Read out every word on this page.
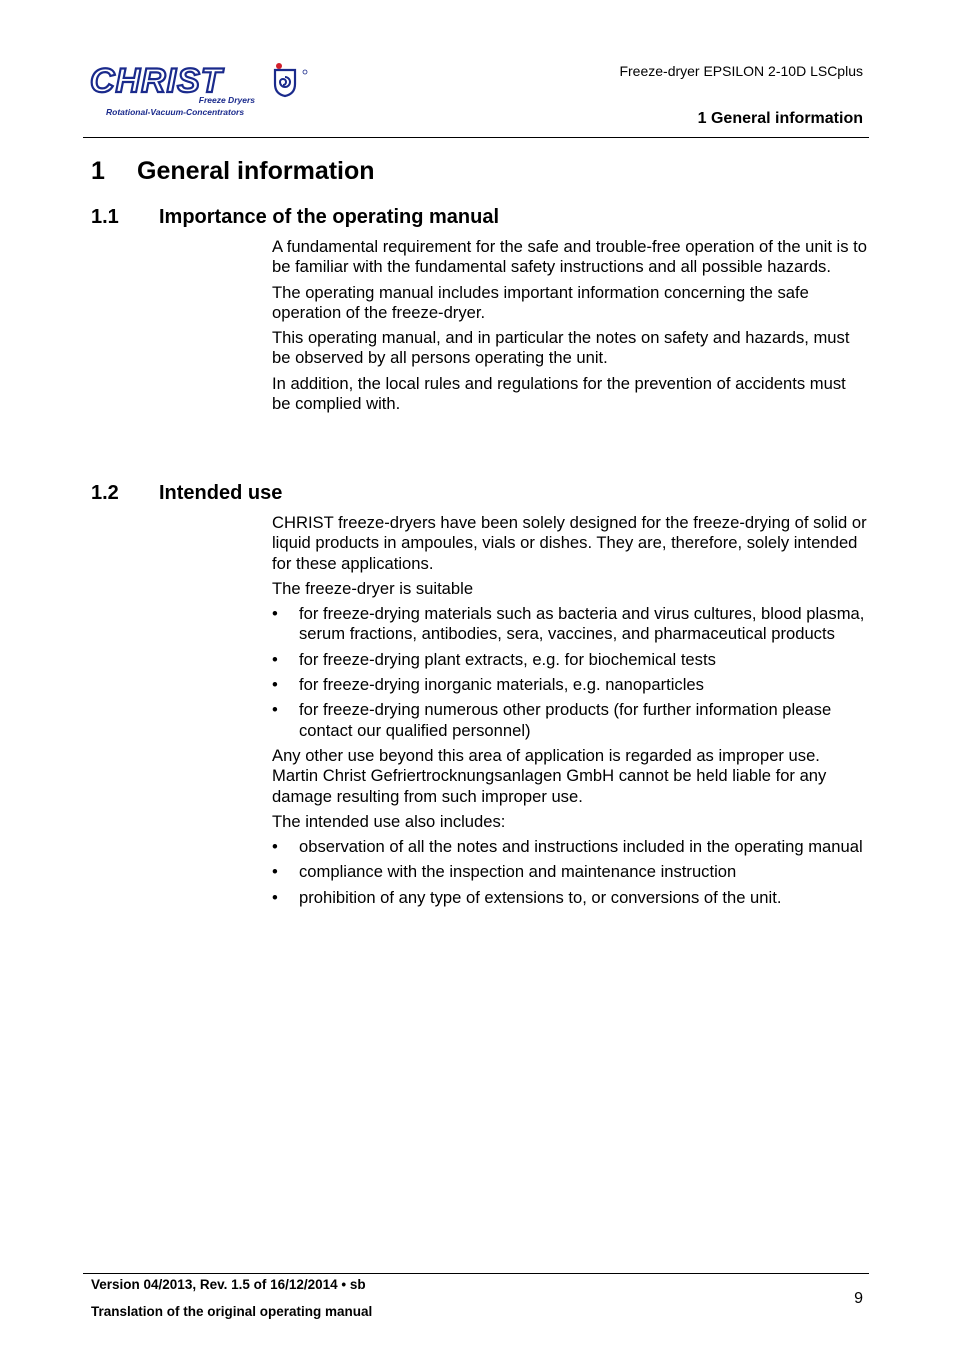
CHRIST
Freeze Dryers
Rotational-Vacuum-Concentrators
Freeze-dryer EPSILON 2-10D LSCplus
1 General information
1 General information
1.1 Importance of the operating manual

A fundamental requirement for the safe and trouble-free operation of the unit is to be familiar with the fundamental safety instructions and all possible hazards.

The operating manual includes important information concerning the safe operation of the freeze-dryer.

This operating manual, and in particular the notes on safety and hazards, must be observed by all persons operating the unit.

In addition, the local rules and regulations for the prevention of accidents must be complied with.

1.2 Intended use

CHRIST freeze-dryers have been solely designed for the freeze-drying of solid or liquid products in ampoules, vials or dishes. They are, therefore, solely intended for these applications.

The freeze-dryer is suitable

• for freeze-drying materials such as bacteria and virus cultures, blood plasma, serum fractions, antibodies, sera, vaccines, and pharmaceutical products
• for freeze-drying plant extracts, e.g. for biochemical tests
• for freeze-drying inorganic materials, e.g. nanoparticles
• for freeze-drying numerous other products (for further information please contact our qualified personnel)

Any other use beyond this area of application is regarded as improper use. Martin Christ Gefriertrocknungsanlagen GmbH cannot be held liable for any damage resulting from such improper use.

The intended use also includes:

• observation of all the notes and instructions included in the operating manual
• compliance with the inspection and maintenance instruction
• prohibition of any type of extensions to, or conversions of the unit.
Version 04/2013, Rev. 1.5 of 16/12/2014 • sb
Translation of the original operating manual
9
